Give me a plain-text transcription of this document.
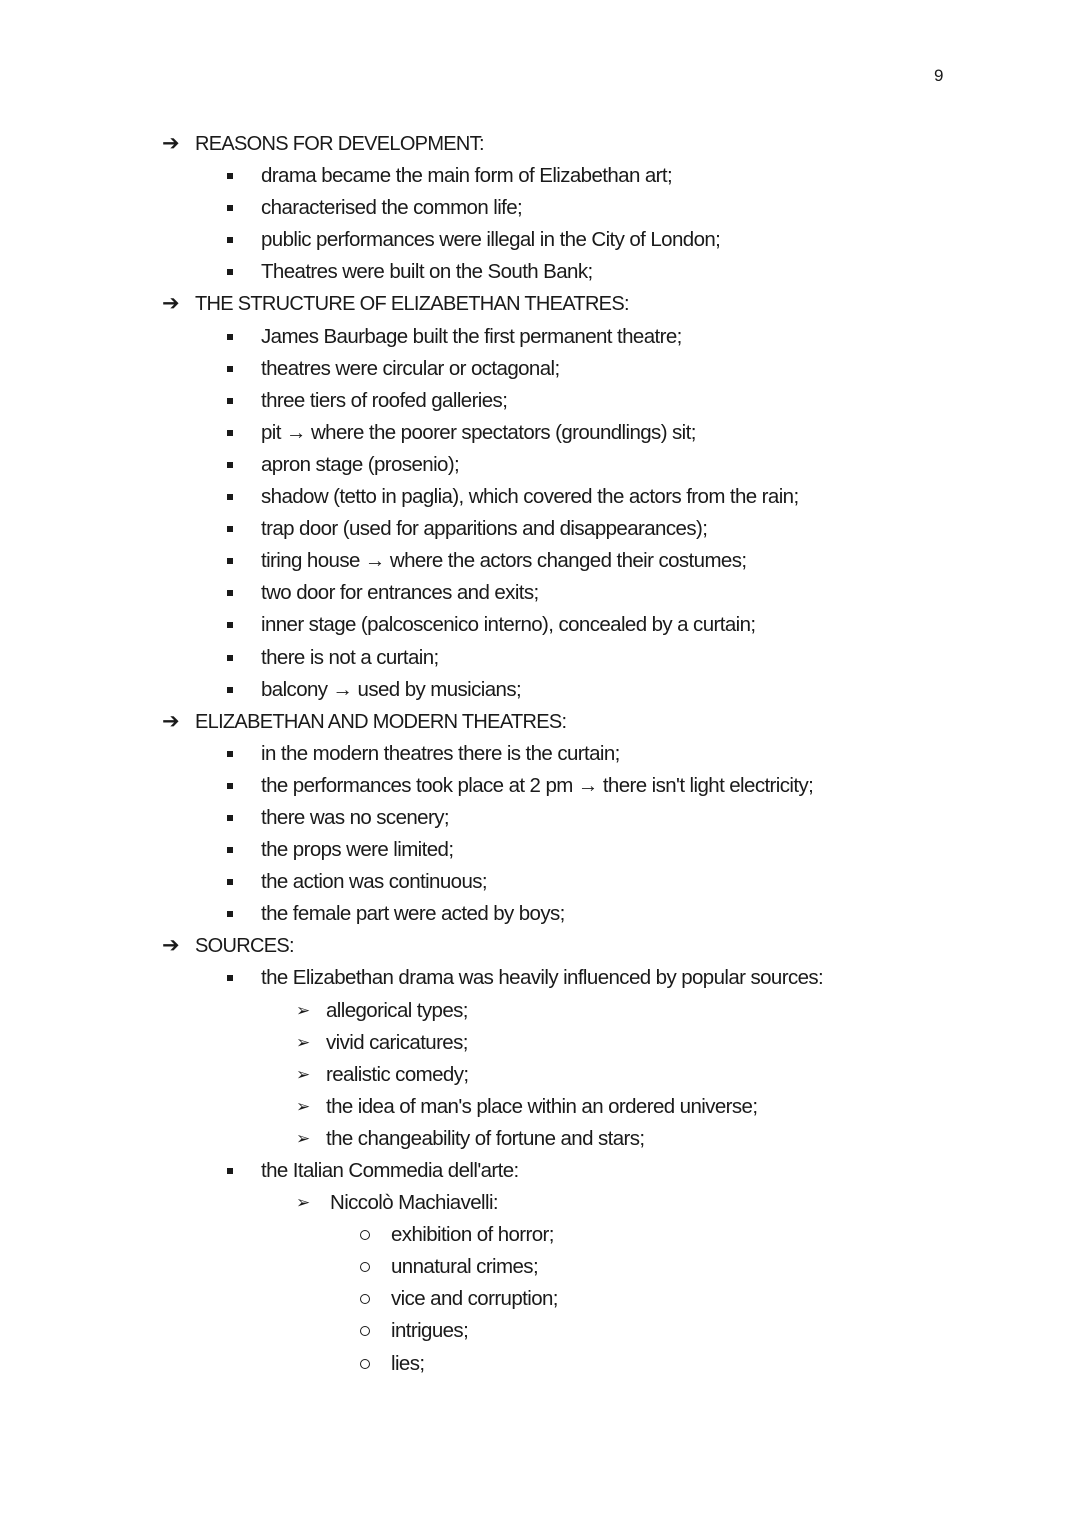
9
➔ REASONS FOR DEVELOPMENT:
drama became the main form of Elizabethan art;
characterised the common life;
public performances were illegal in the City of London;
Theatres were built on the South Bank;
➔ THE STRUCTURE OF ELIZABETHAN THEATRES:
James Baurbage built the first permanent theatre;
theatres were circular or octagonal;
three tiers of roofed galleries;
pit → where the poorer spectators (groundlings) sit;
apron stage (prosenio);
shadow (tetto in paglia), which covered the actors from the rain;
trap door (used for apparitions and disappearances);
tiring house → where the actors changed their costumes;
two door for entrances and exits;
inner stage (palcoscenico interno), concealed by a curtain;
there is not a curtain;
balcony → used by musicians;
➔ ELIZABETHAN AND MODERN THEATRES:
in the modern theatres there is the curtain;
the performances took place at 2 pm → there isn't light electricity;
there was no scenery;
the props were limited;
the action was continuous;
the female part were acted by boys;
➔ SOURCES:
the Elizabethan drama was heavily influenced by popular sources:
➢ allegorical types;
➢ vivid caricatures;
➢ realistic comedy;
➢ the idea of man's place within an ordered universe;
➢ the changeability of fortune and stars;
the Italian Commedia dell'arte:
➢ Niccolò Machiavelli:
exhibition of horror;
unnatural crimes;
vice and corruption;
intrigues;
lies;
